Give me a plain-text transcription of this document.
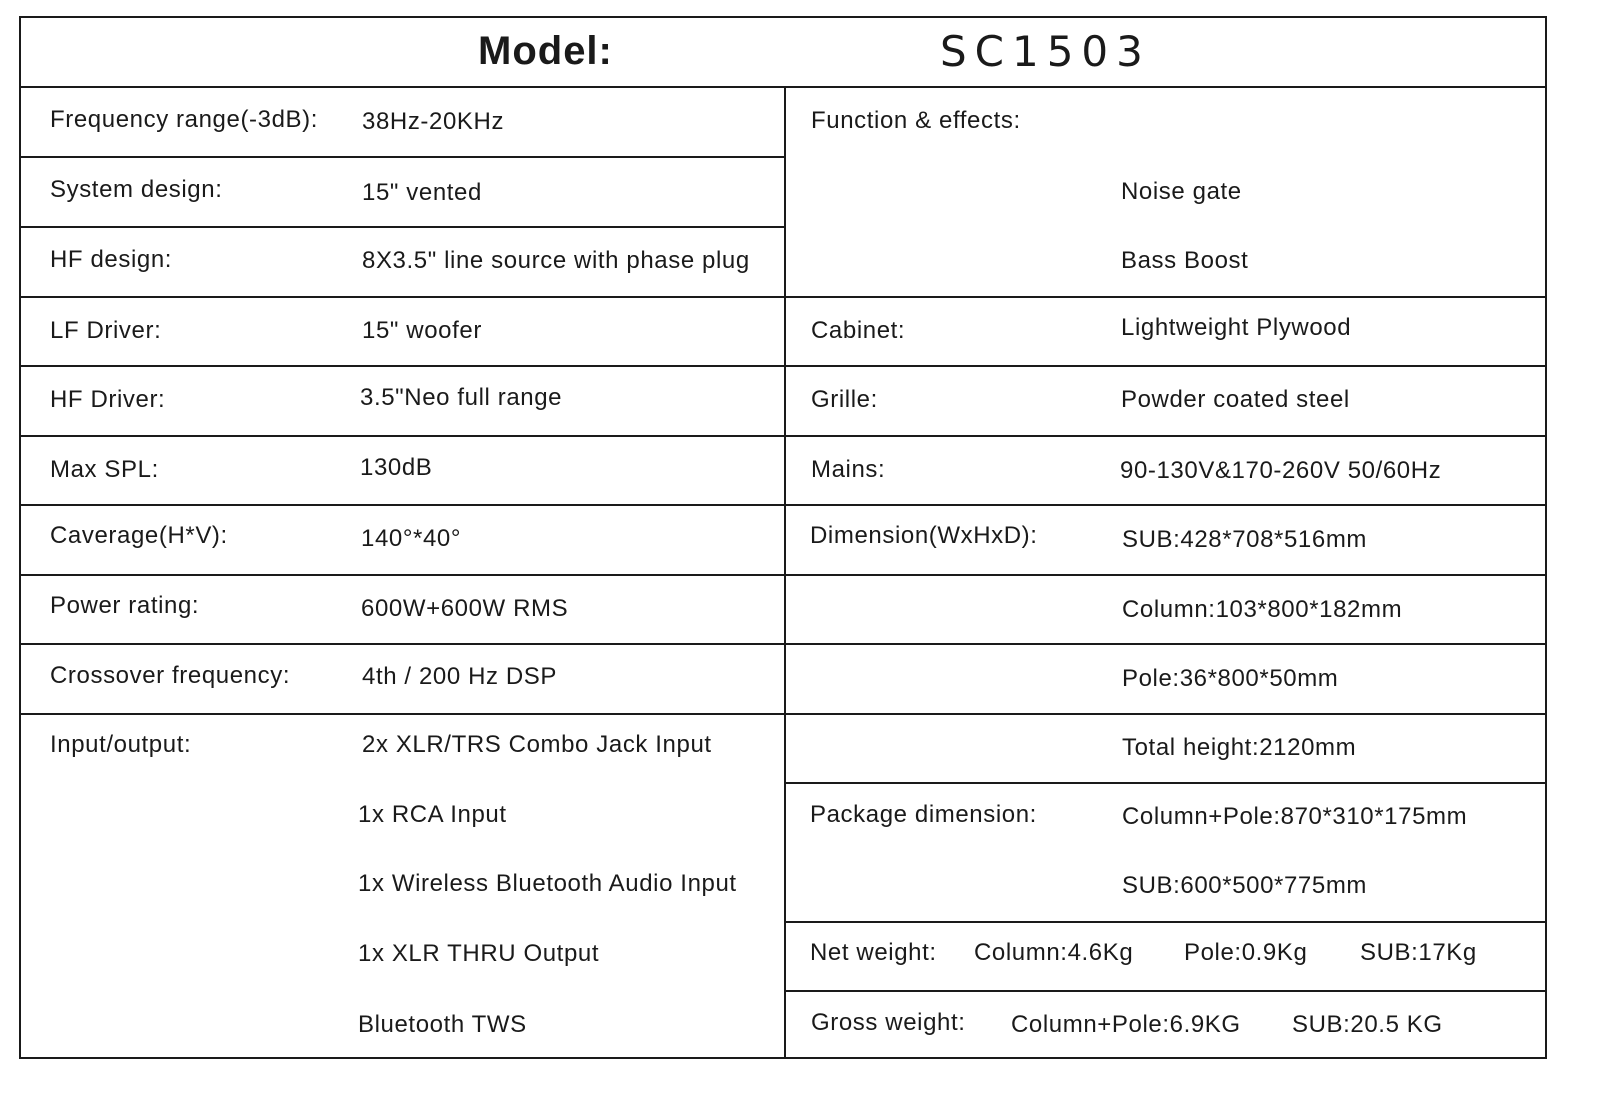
Model:	SC1503
Frequency range(-3dB): 38Hz-20KHz
System design:	15" vented
HF design:	8X3.5" line source with phase plug
LF Driver:	15" woofer
HF Driver:	3.5"Neo full range
Max SPL:	130dB
Caverage(H*V):	140°*40°
Power rating:	600W+600W RMS
Crossover frequency:	4th / 200 Hz DSP
Input/output:	2x XLR/TRS Combo Jack Input
1x RCA Input
1x Wireless Bluetooth Audio Input
1x XLR THRU Output
Bluetooth TWS
Function & effects:
Noise gate
Bass Boost
Cabinet:	Lightweight Plywood
Grille:	Powder coated steel
Mains:	90-130V&170-260V 50/60Hz
Dimension(WxHxD):	SUB:428*708*516mm
Column:103*800*182mm
Pole:36*800*50mm
Total height:2120mm
Package dimension:	Column+Pole:870*310*175mm
SUB:600*500*775mm
Net weight: Column:4.6Kg Pole:0.9Kg SUB:17Kg
Gross weight: Column+Pole:6.9KG SUB:20.5 KG
